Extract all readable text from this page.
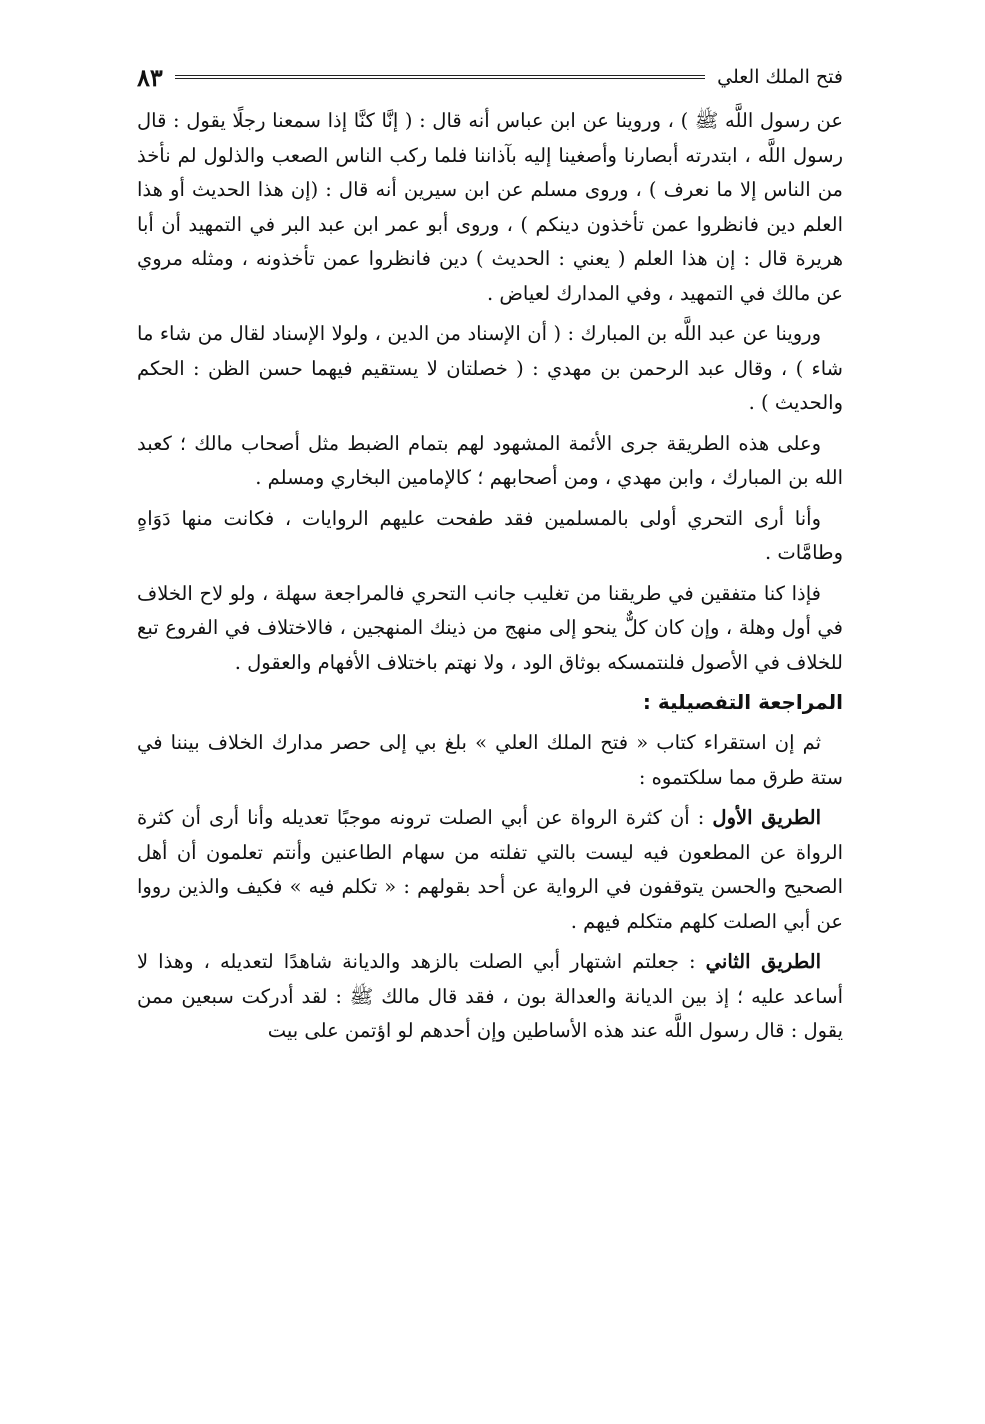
فتح الملك العلي
٨٣

عن رسول اللَّه ﷺ ) ، وروينا عن ابن عباس أنه قال : ( إنَّا كنَّا إذا سمعنا رجلًا يقول : قال رسول اللَّه ، ابتدرته أبصارنا وأصغينا إليه بآذاننا فلما ركب الناس الصعب والذلول لم نأخذ من الناس إلا ما نعرف ) ، وروى مسلم عن ابن سيرين أنه قال : (إن هذا الحديث أو هذا العلم دين فانظروا عمن تأخذون دينكم ) ، وروى أبو عمر ابن عبد البر في التمهيد أن أبا هريرة قال : إن هذا العلم ( يعني : الحديث ) دين فانظروا عمن تأخذونه ، ومثله مروي عن مالك في التمهيد ، وفي المدارك لعياض .

وروينا عن عبد اللَّه بن المبارك : ( أن الإسناد من الدين ، ولولا الإسناد لقال من شاء ما شاء ) ، وقال عبد الرحمن بن مهدي : ( خصلتان لا يستقيم فيهما حسن الظن : الحكم والحديث ) .

وعلى هذه الطريقة جرى الأئمة المشهود لهم بتمام الضبط مثل أصحاب مالك ؛ كعبد الله بن المبارك ، وابن مهدي ، ومن أصحابهم ؛ كالإمامين البخاري ومسلم .

وأنا أرى التحري أولى بالمسلمين فقد طفحت عليهم الروايات ، فكانت منها دَوَاهٍ وطامَّات .

فإذا كنا متفقين في طريقنا من تغليب جانب التحري فالمراجعة سهلة ، ولو لاح الخلاف في أول وهلة ، وإن كان كلٌّ ينحو إلى منهج من ذينك المنهجين ، فالاختلاف في الفروع تبع للخلاف في الأصول فلنتمسكه بوثاق الود ، ولا نهتم باختلاف الأفهام والعقول .

المراجعة التفصيلية :

ثم إن استقراء كتاب « فتح الملك العلي » بلغ بي إلى حصر مدارك الخلاف بيننا في ستة طرق مما سلكتموه :

الطريق الأول : أن كثرة الرواة عن أبي الصلت ترونه موجبًا تعديله وأنا أرى أن كثرة الرواة عن المطعون فيه ليست بالتي تفلته من سهام الطاعنين وأنتم تعلمون أن أهل الصحيح والحسن يتوقفون في الرواية عن أحد بقولهم : « تكلم فيه » فكيف والذين رووا عن أبي الصلت كلهم متكلم فيهم .

الطريق الثاني : جعلتم اشتهار أبي الصلت بالزهد والديانة شاهدًا لتعديله ، وهذا لا أساعد عليه ؛ إذ بين الديانة والعدالة بون ، فقد قال مالك ﷺ : لقد أدركت سبعين ممن يقول : قال رسول اللَّه عند هذه الأساطين وإن أحدهم لو اؤتمن على بيت
